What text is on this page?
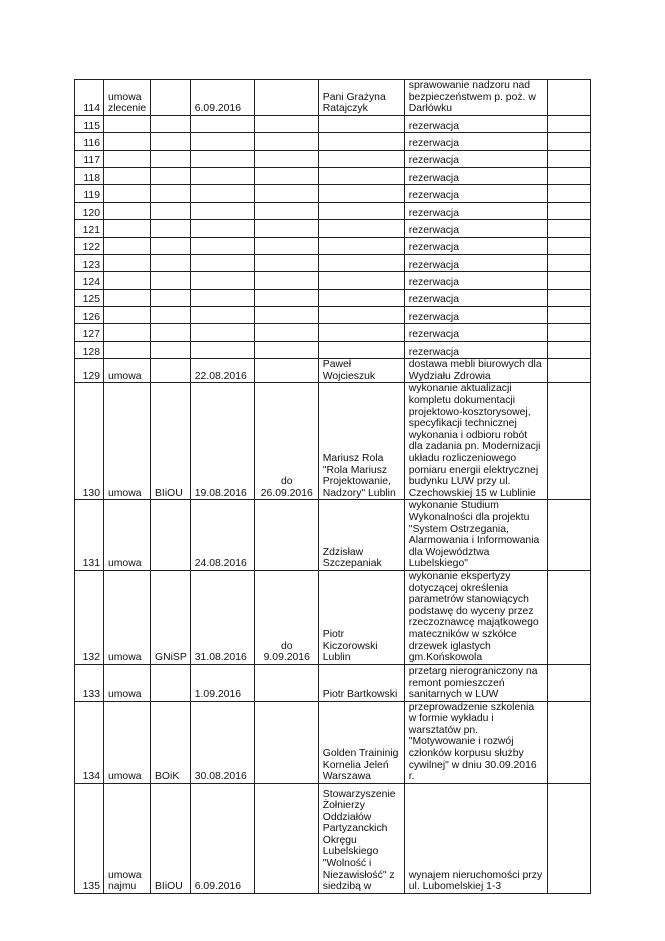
114	umowa zlecenie		6.09.2016		Pani Grażyna Ratajczyk	sprawowanie nadzoru nad bezpieczeństwem p. poż. w Darłówku	
115						rezerwacja	
116						rezerwacja	
117						rezerwacja	
118						rezerwacja	
119						rezerwacja	
120						rezerwacja	
121						rezerwacja	
122						rezerwacja	
123						rezerwacja	
124						rezerwacja	
125						rezerwacja	
126						rezerwacja	
127						rezerwacja	
128						rezerwacja	
129	umowa		22.08.2016		Paweł Wojcieszuk	dostawa mebli biurowych dla Wydziału Zdrowia	
130	umowa	BIiOU	19.08.2016	do 26.09.2016	Mariusz Rola "Rola Mariusz Projektowanie, Nadzory" Lublin	wykonanie aktualizacji kompletu dokumentacji projektowo-kosztorysowej, specyfikacji technicznej wykonania i odbioru robót dla zadania pn. Modernizacji układu rozliczeniowego pomiaru energii elektrycznej budynku LUW przy ul. Czechowskiej 15 w Lublinie	
131	umowa		24.08.2016		Zdzisław Szczepaniak	wykonanie Studium Wykonalności dla projektu "System Ostrzegania, Alarmowania i Informowania dla Województwa Lubelskiego"	
132	umowa	GNiSP	31.08.2016	do 9.09.2016	Piotr Kiczorowski Lublin	wykonanie ekspertyzy dotyczącej określenia parametrów stanowiących podstawę do wyceny przez rzeczoznawcę majątkowego mateczników w szkółce drzewek iglastych gm.Końskowola	
133	umowa		1.09.2016		Piotr Bartkowski	przetarg nierograniczony na remont pomieszczeń sanitarnych w LUW	
134	umowa	BOiK	30.08.2016		Golden Traininig Kornelia Jeleń Warszawa	przeprowadzenie szkolenia w formie wykładu i warsztatów pn. "Motywowanie i rozwój członków korpusu służby cywilnej" w dniu 30.09.2016 r.	
135	umowa najmu	BIiOU	6.09.2016		Stowarzyszenie Żołnierzy Oddziałów Partyzanckich Okręgu Lubelskiego "Wolność i Niezawisłość" z siedzibą w	wynajem nieruchomości przy ul. Lubomelskiej 1-3	
